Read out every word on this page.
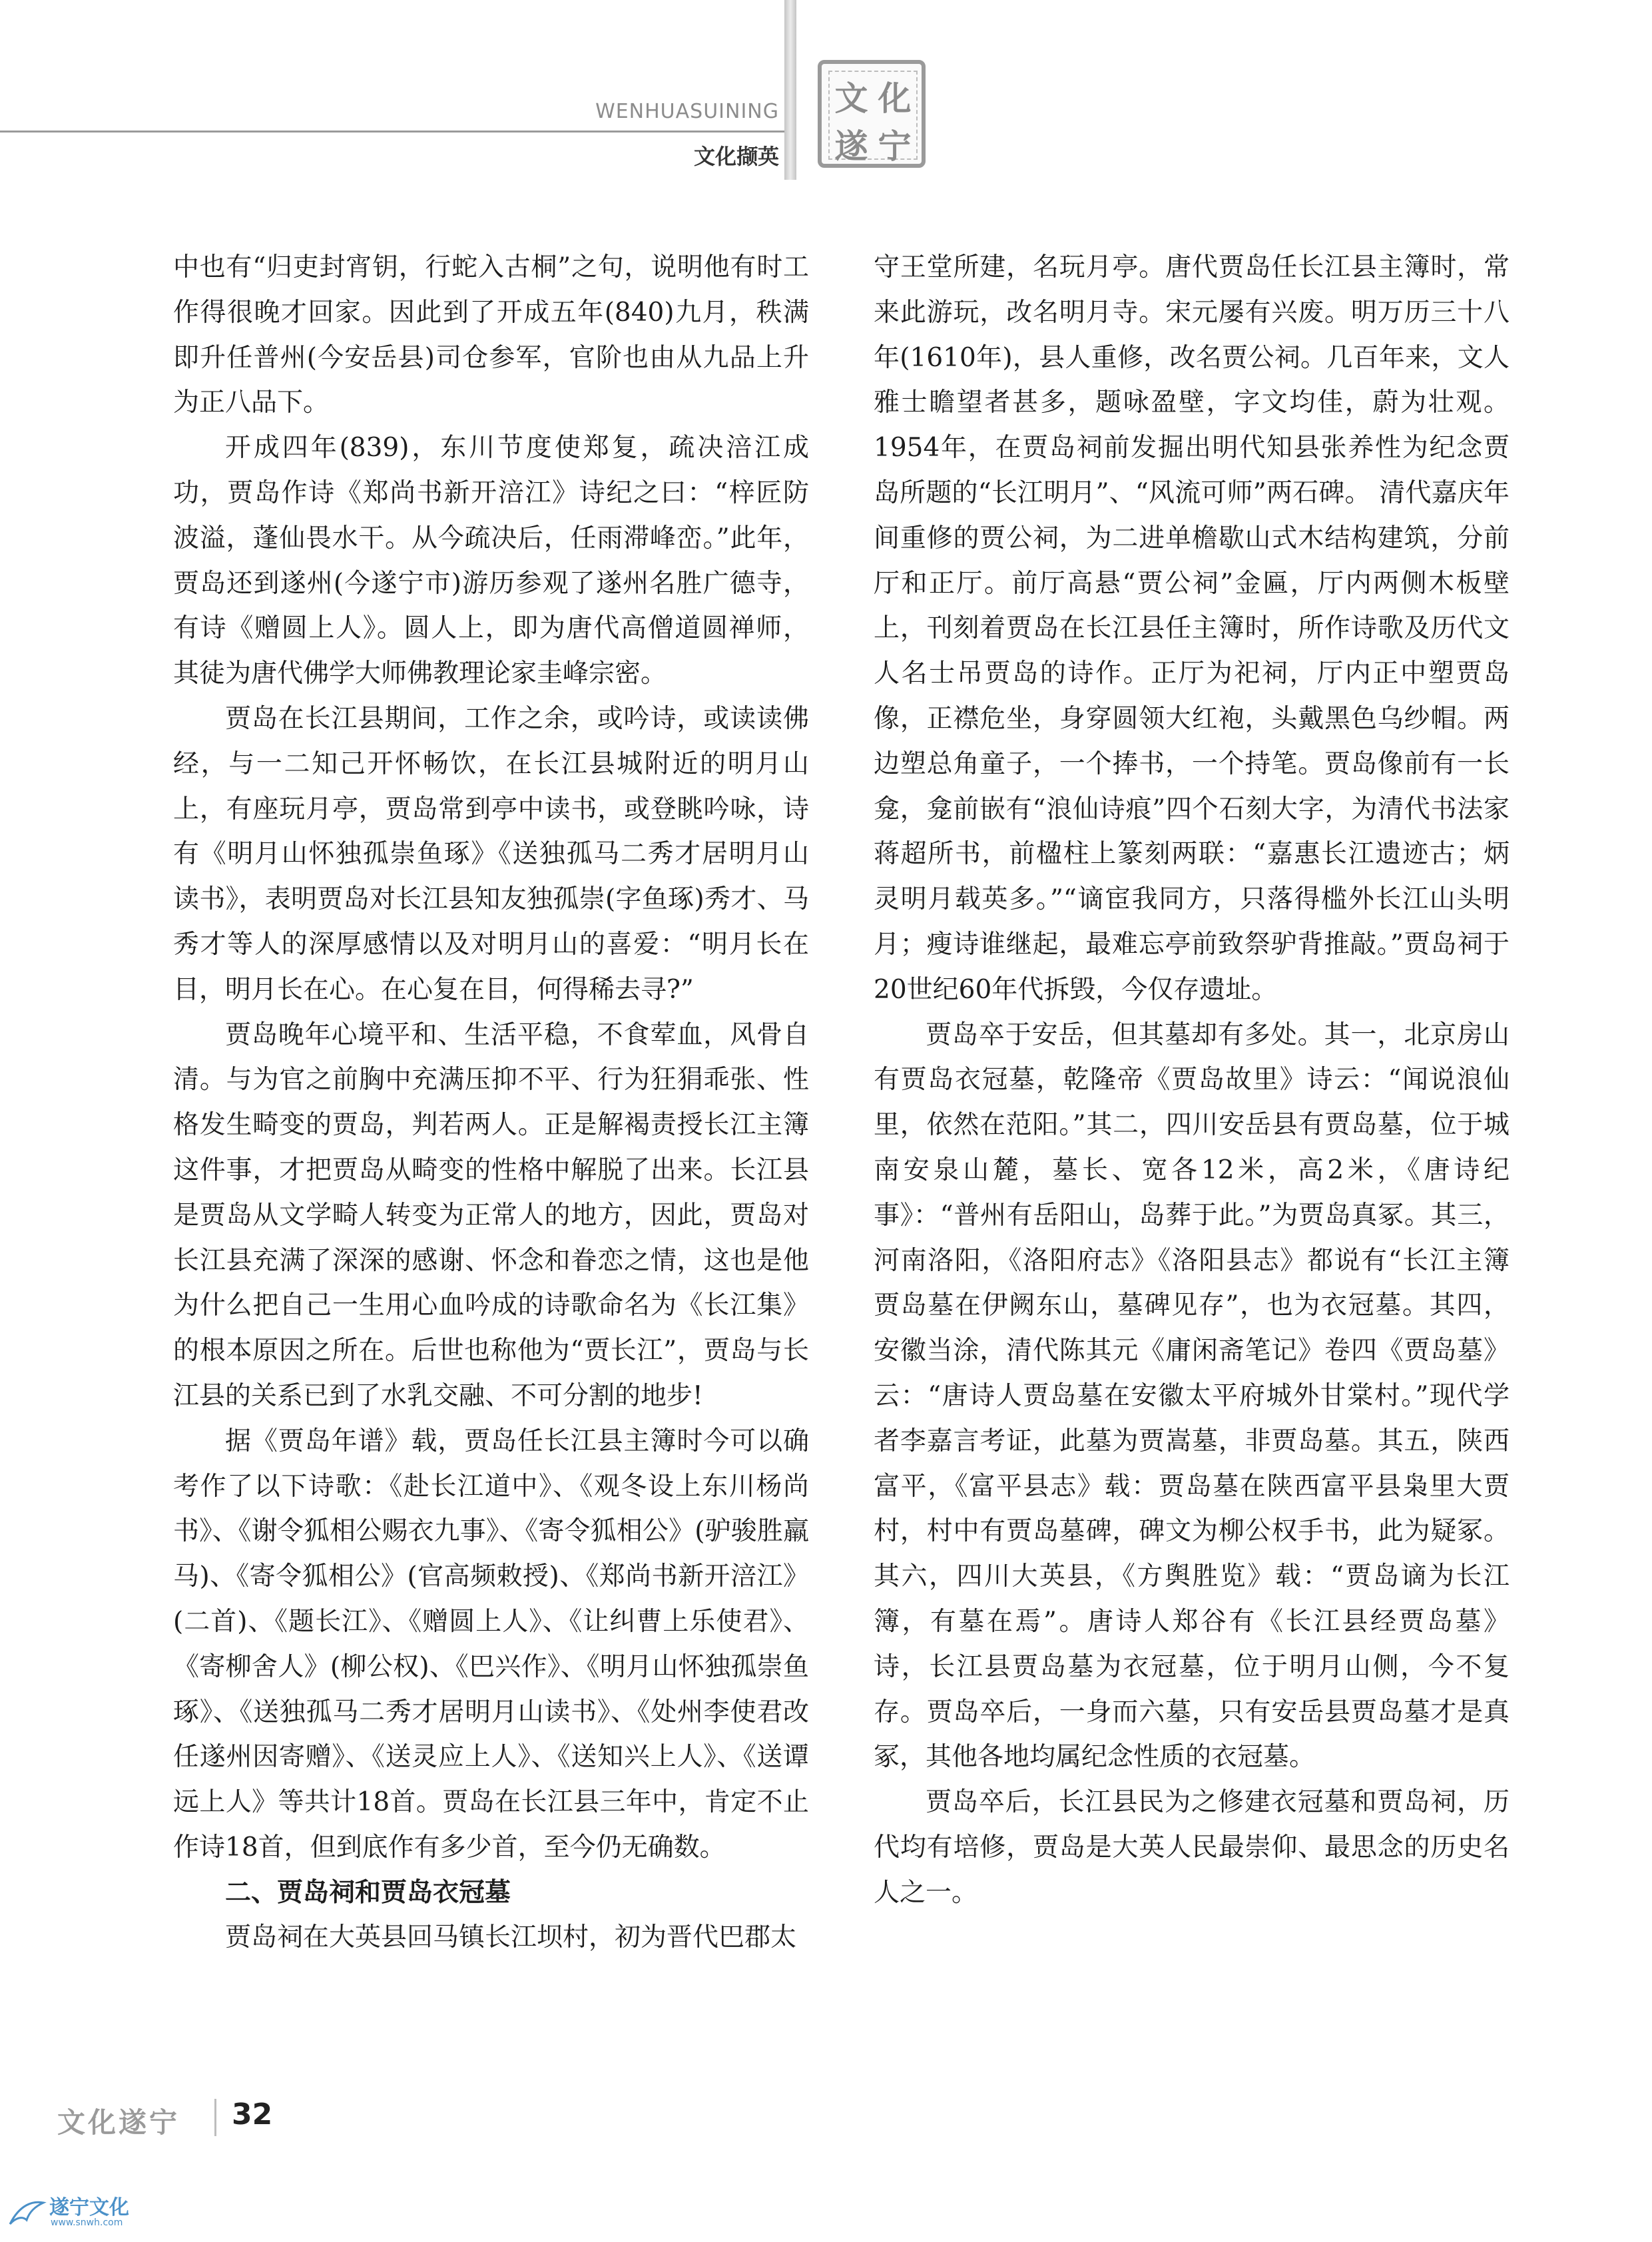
WENHUASUINING
文化撷英
文 化
遂 宁

中也有“归吏封宵钥，行蛇入古桐”之句，说明他有时工作得很晚才回家。因此到了开成五年(840)九月，秩满即升任普州(今安岳县)司仓参军，官阶也由从九品上升为正八品下。

开成四年(839)，东川节度使郑复，疏决涪江成功，贾岛作诗《郑尚书新开涪江》诗纪之曰：“梓匠防波溢，蓬仙畏水干。从今疏决后，任雨滞峰峦。”此年，贾岛还到遂州(今遂宁市)游历参观了遂州名胜广德寺，有诗《赠圆上人》。圆人上，即为唐代高僧道圆禅师，其徒为唐代佛学大师佛教理论家圭峰宗密。

贾岛在长江县期间，工作之余，或吟诗，或读读佛经，与一二知己开怀畅饮，在长江县城附近的明月山上，有座玩月亭，贾岛常到亭中读书，或登眺吟咏，诗有《明月山怀独孤崇鱼琢》《送独孤马二秀才居明月山读书》，表明贾岛对长江县知友独孤崇(字鱼琢)秀才、马秀才等人的深厚感情以及对明月山的喜爱：“明月长在目，明月长在心。在心复在目，何得稀去寻?”

贾岛晚年心境平和、生活平稳，不食荤血，风骨自清。与为官之前胸中充满压抑不平、行为狂狷乖张、性格发生畸变的贾岛，判若两人。正是解褐责授长江主簿这件事，才把贾岛从畸变的性格中解脱了出来。长江县是贾岛从文学畸人转变为正常人的地方，因此，贾岛对长江县充满了深深的感谢、怀念和眷恋之情，这也是他为什么把自己一生用心血吟成的诗歌命名为《长江集》的根本原因之所在。后世也称他为“贾长江”，贾岛与长江县的关系已到了水乳交融、不可分割的地步!

据《贾岛年谱》载，贾岛任长江县主簿时今可以确考作了以下诗歌：《赴长江道中》、《观冬设上东川杨尚书》、《谢令狐相公赐衣九事》、《寄令狐相公》(驴骏胜羸马)、《寄令狐相公》(官高频敕授)、《郑尚书新开涪江》(二首)、《题长江》、《赠圆上人》、《让纠曹上乐使君》、《寄柳舍人》(柳公权)、《巴兴作》、《明月山怀独孤崇鱼琢》、《送独孤马二秀才居明月山读书》、《处州李使君改任遂州因寄赠》、《送灵应上人》、《送知兴上人》、《送谭远上人》等共计18首。贾岛在长江县三年中，肯定不止作诗18首，但到底作有多少首，至今仍无确数。

二、贾岛祠和贾岛衣冠墓

贾岛祠在大英县回马镇长江坝村，初为晋代巴郡太

守王堂所建，名玩月亭。唐代贾岛任长江县主簿时，常来此游玩，改名明月寺。宋元屡有兴废。明万历三十八年(1610年)，县人重修，改名贾公祠。几百年来，文人雅士瞻望者甚多，题咏盈壁，字文均佳，蔚为壮观。1954年，在贾岛祠前发掘出明代知县张养性为纪念贾岛所题的“长江明月”、“风流可师”两石碑。 清代嘉庆年间重修的贾公祠，为二进单檐歇山式木结构建筑，分前厅和正厅。前厅高悬“贾公祠”金匾，厅内两侧木板壁上，刊刻着贾岛在长江县任主簿时，所作诗歌及历代文人名士吊贾岛的诗作。正厅为祀祠，厅内正中塑贾岛像，正襟危坐，身穿圆领大红袍，头戴黑色乌纱帽。两边塑总角童子，一个捧书，一个持笔。贾岛像前有一长龛，龛前嵌有“浪仙诗痕”四个石刻大字，为清代书法家蒋超所书，前楹柱上篆刻两联：“嘉惠长江遗迹古；炳灵明月载英多。”“谪宦我同方，只落得槛外长江山头明月；瘦诗谁继起，最难忘亭前致祭驴背推敲。”贾岛祠于20世纪60年代拆毁，今仅存遗址。

贾岛卒于安岳，但其墓却有多处。其一，北京房山有贾岛衣冠墓，乾隆帝《贾岛故里》诗云：“闻说浪仙里，依然在范阳。”其二，四川安岳县有贾岛墓，位于城南安泉山麓，墓长、宽各12米，高2米，《唐诗纪事》：“普州有岳阳山，岛葬于此。”为贾岛真冢。其三，河南洛阳，《洛阳府志》《洛阳县志》都说有“长江主簿贾岛墓在伊阙东山，墓碑见存”，也为衣冠墓。其四，安徽当涂，清代陈其元《庸闲斋笔记》卷四《贾岛墓》云：“唐诗人贾岛墓在安徽太平府城外甘棠村。”现代学者李嘉言考证，此墓为贾嵩墓，非贾岛墓。其五，陕西富平，《富平县志》载：贾岛墓在陕西富平县枭里大贾村，村中有贾岛墓碑，碑文为柳公权手书，此为疑冢。其六，四川大英县，《方舆胜览》载：“贾岛谪为长江簿，有墓在焉”。唐诗人郑谷有《长江县经贾岛墓》诗，长江县贾岛墓为衣冠墓，位于明月山侧，今不复存。贾岛卒后，一身而六墓，只有安岳县贾岛墓才是真冢，其他各地均属纪念性质的衣冠墓。

贾岛卒后，长江县民为之修建衣冠墓和贾岛祠，历代均有培修，贾岛是大英人民最崇仰、最思念的历史名人之一。

文化遂宁 32
遂宁文化
www.snwh.com
